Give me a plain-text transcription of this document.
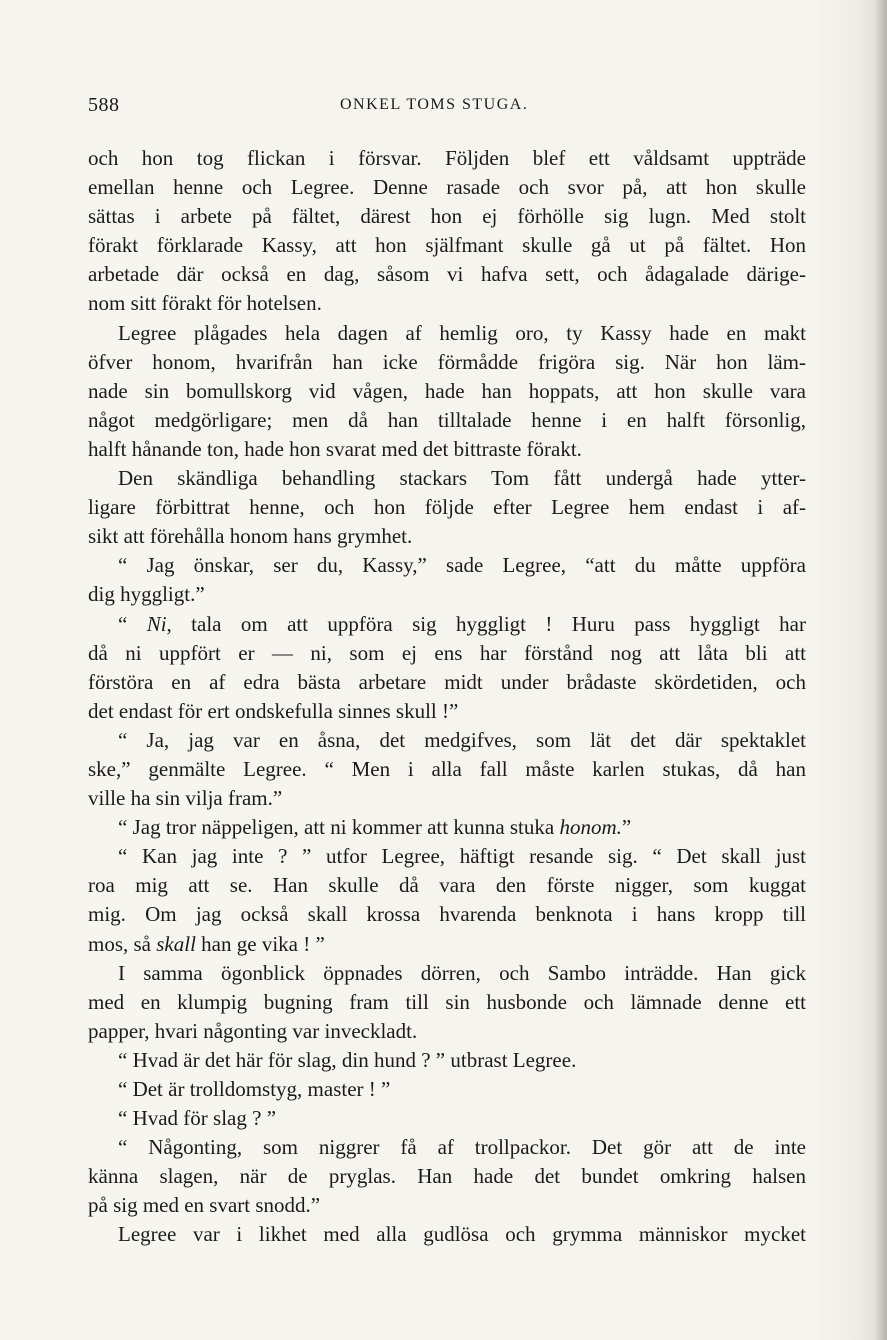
588	ONKEL TOMS STUGA.
och hon tog flickan i försvar. Följden blef ett våldsamt uppträde
emellan henne och Legree. Denne rasade och svor på, att hon skulle
sättas i arbete på fältet, därest hon ej förhölle sig lugn. Med stolt
förakt förklarade Kassy, att hon själfmant skulle gå ut på fältet. Hon
arbetade där också en dag, såsom vi hafva sett, och ådagalade därige-
nom sitt förakt för hotelsen.
Legree plågades hela dagen af hemlig oro, ty Kassy hade en makt
öfver honom, hvarifrån han icke förmådde frigöra sig. När hon läm-
nade sin bomullskorg vid vågen, hade han hoppats, att hon skulle vara
något medgörligare; men då han tilltalade henne i en halft försonlig,
halft hånande ton, hade hon svarat med det bittraste förakt.
Den skändliga behandling stackars Tom fått undergå hade ytter-
ligare förbittrat henne, och hon följde efter Legree hem endast i af-
sikt att förehålla honom hans grymhet.
“ Jag önskar, ser du, Kassy,” sade Legree, “att du måtte uppföra
dig hyggligt.”
“ Ni, tala om att uppföra sig hyggligt ! Huru pass hyggligt har
då ni uppfört er — ni, som ej ens har förstånd nog att låta bli att
förstöra en af edra bästa arbetare midt under brådaste skördetiden, och
det endast för ert ondskefulla sinnes skull !”
“ Ja, jag var en åsna, det medgifves, som lät det där spektaklet
ske,” genmälte Legree. “ Men i alla fall måste karlen stukas, då han
ville ha sin vilja fram.”
“ Jag tror näppeligen, att ni kommer att kunna stuka honom.”
“ Kan jag inte ? ” utfor Legree, häftigt resande sig. “ Det skall just
roa mig att se. Han skulle då vara den förste nigger, som kuggat
mig. Om jag också skall krossa hvarenda benknota i hans kropp till
mos, så skall han ge vika ! ”
I samma ögonblick öppnades dörren, och Sambo inträdde. Han gick
med en klumpig bugning fram till sin husbonde och lämnade denne ett
papper, hvari någonting var inveckladt.
“ Hvad är det här för slag, din hund ? ” utbrast Legree.
“ Det är trolldomstyg, master ! ”
“ Hvad för slag ? ”
“ Någonting, som niggrer få af trollpackor. Det gör att de inte
känna slagen, när de pryglas. Han hade det bundet omkring halsen
på sig med en svart snodd.”
Legree var i likhet med alla gudlösa och grymma människor mycket
